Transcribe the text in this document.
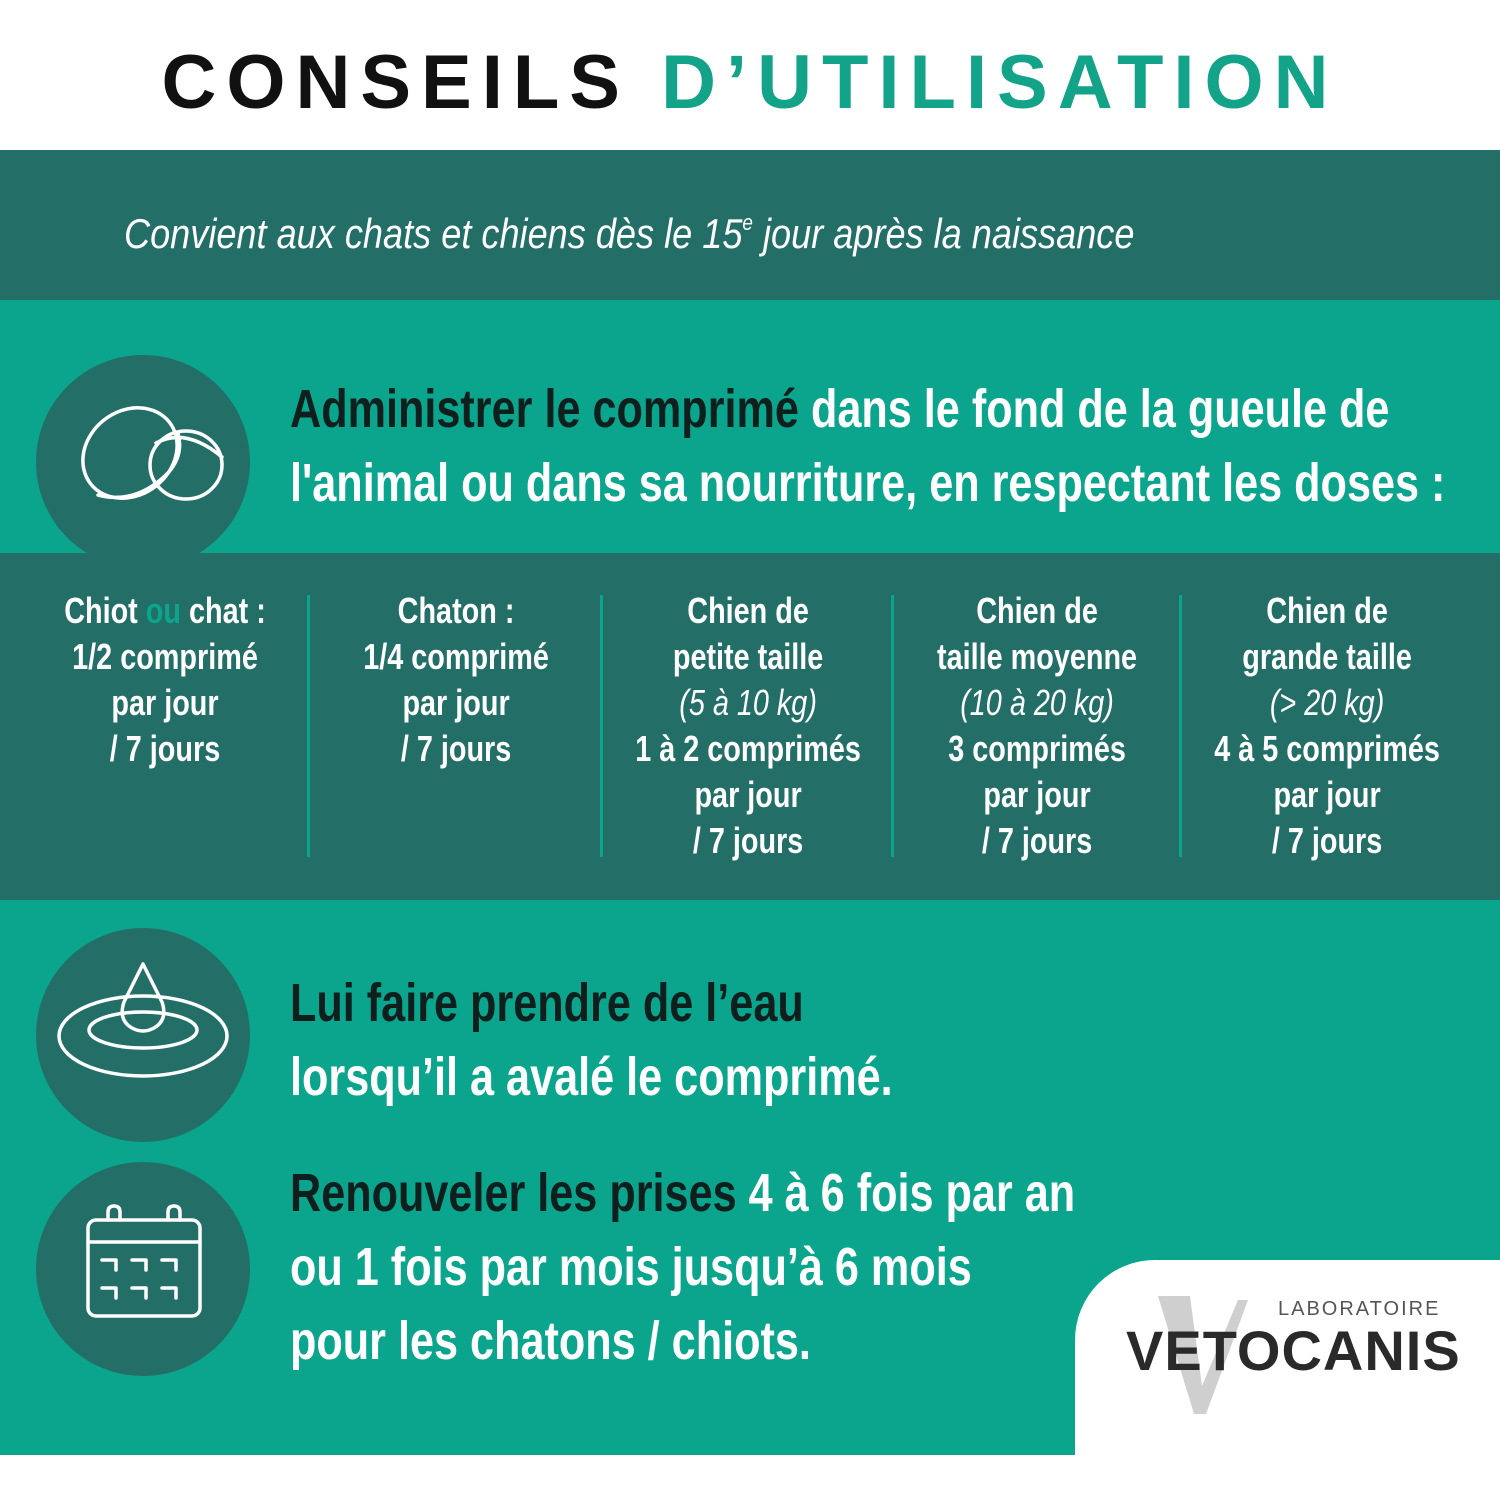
CONSEILS D’UTILISATION
Convient aux chats et chiens dès le 15e jour après la naissance
Administrer le comprimé dans le fond de la gueule de
l'animal ou dans sa nourriture, en respectant les doses :
Chiot ou chat :
1/2 comprimé
par jour
/ 7 jours
Chaton :
1/4 comprimé
par jour
/ 7 jours
Chien de
petite taille
(5 à 10 kg)
1 à 2 comprimés
par jour
/ 7 jours
Chien de
taille moyenne
(10 à 20 kg)
3 comprimés
par jour
/ 7 jours
Chien de
grande taille
(> 20 kg)
4 à 5 comprimés
par jour
/ 7 jours
Lui faire prendre de l’eau
lorsqu’il a avalé le comprimé.
Renouveler les prises 4 à 6 fois par an
ou 1 fois par mois jusqu’à 6 mois
pour les chatons / chiots.
LABORATOIRE
VETOCANIS
